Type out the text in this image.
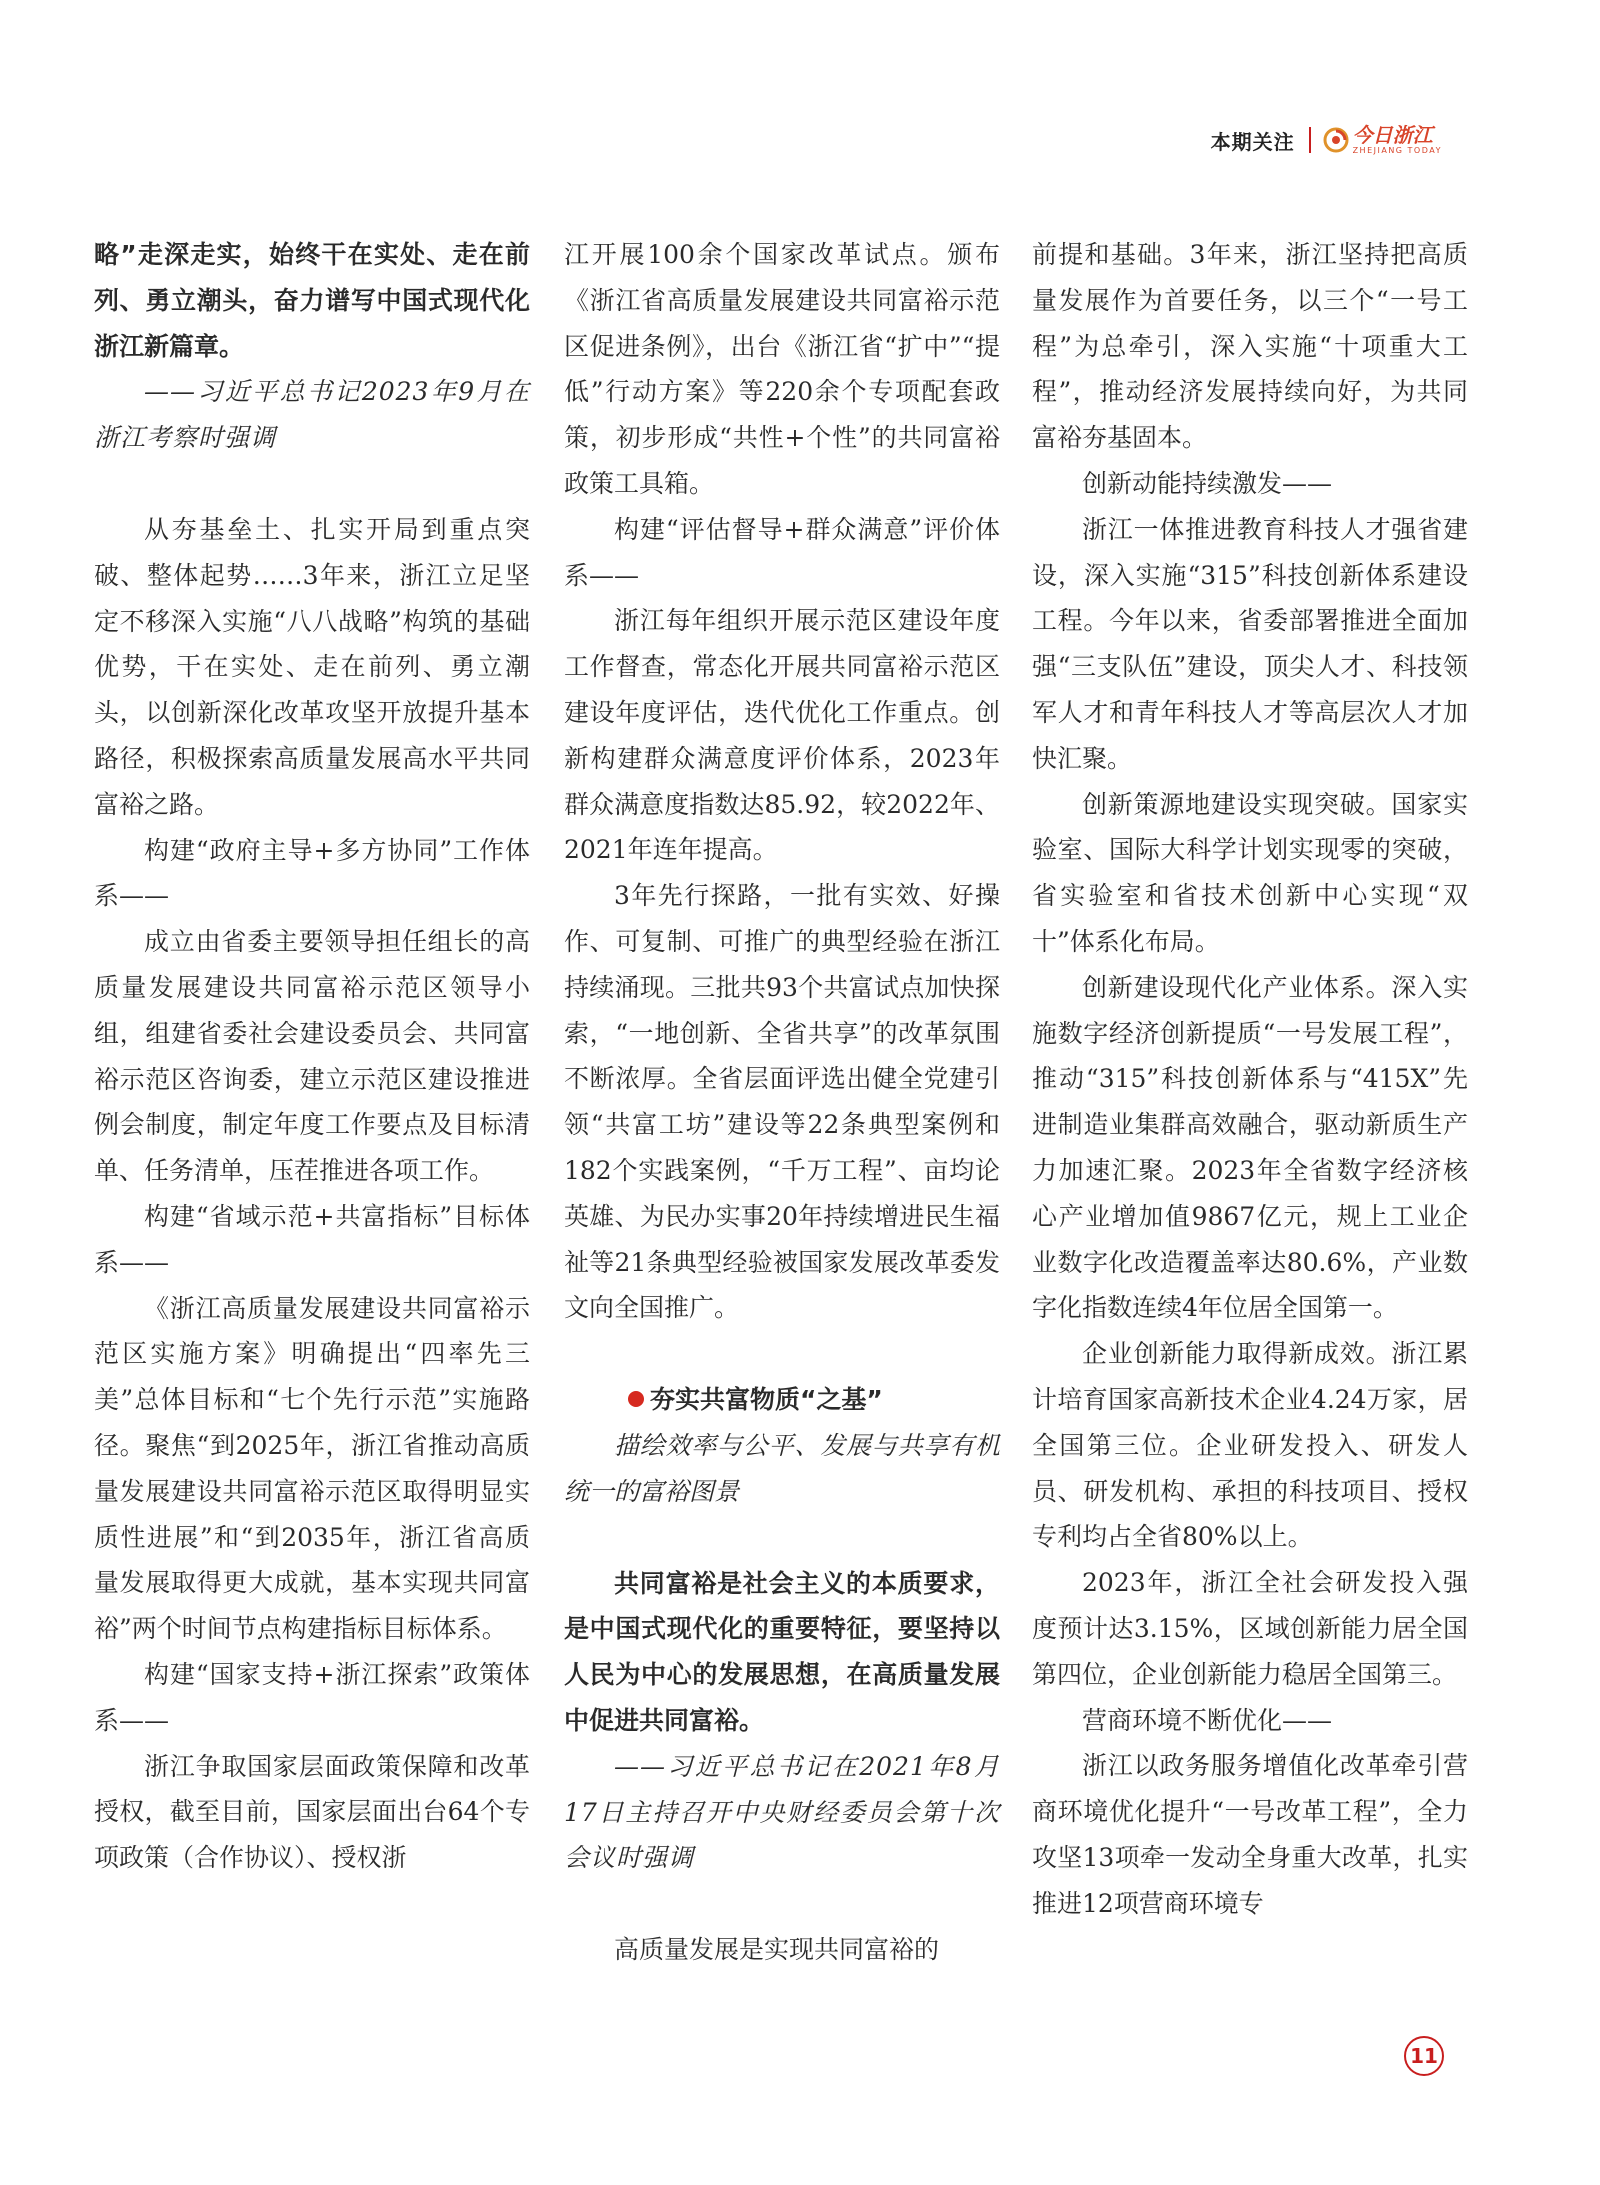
本期关注	今日浙江
ZHEJIANG TODAY

略”走深走实，始终干在实处、走在前列、勇立潮头，奋力谱写中国式现代化浙江新篇章。

——习近平总书记2023年9月在浙江考察时强调

从夯基垒土、扎实开局到重点突破、整体起势……3年来，浙江立足坚定不移深入实施“八八战略”构筑的基础优势，干在实处、走在前列、勇立潮头，以创新深化改革攻坚开放提升基本路径，积极探索高质量发展高水平共同富裕之路。

构建“政府主导+多方协同”工作体系——

成立由省委主要领导担任组长的高质量发展建设共同富裕示范区领导小组，组建省委社会建设委员会、共同富裕示范区咨询委，建立示范区建设推进例会制度，制定年度工作要点及目标清单、任务清单，压茬推进各项工作。

构建“省域示范+共富指标”目标体系——

《浙江高质量发展建设共同富裕示范区实施方案》明确提出“四率先三美”总体目标和“七个先行示范”实施路径。聚焦“到2025年，浙江省推动高质量发展建设共同富裕示范区取得明显实质性进展”和“到2035年，浙江省高质量发展取得更大成就，基本实现共同富裕”两个时间节点构建指标目标体系。

构建“国家支持+浙江探索”政策体系——

浙江争取国家层面政策保障和改革授权，截至目前，国家层面出台64个专项政策（合作协议）、授权浙

江开展100余个国家改革试点。颁布《浙江省高质量发展建设共同富裕示范区促进条例》，出台《浙江省“扩中”“提低”行动方案》等220余个专项配套政策，初步形成“共性+个性”的共同富裕政策工具箱。

构建“评估督导+群众满意”评价体系——

浙江每年组织开展示范区建设年度工作督查，常态化开展共同富裕示范区建设年度评估，迭代优化工作重点。创新构建群众满意度评价体系，2023年群众满意度指数达85.92，较2022年、2021年连年提高。

3年先行探路，一批有实效、好操作、可复制、可推广的典型经验在浙江持续涌现。三批共93个共富试点加快探索，“一地创新、全省共享”的改革氛围不断浓厚。全省层面评选出健全党建引领“共富工坊”建设等22条典型案例和182个实践案例，“千万工程”、亩均论英雄、为民办实事20年持续增进民生福祉等21条典型经验被国家发展改革委发文向全国推广。

夯实共富物质“之基”

描绘效率与公平、发展与共享有机统一的富裕图景

共同富裕是社会主义的本质要求，是中国式现代化的重要特征，要坚持以人民为中心的发展思想，在高质量发展中促进共同富裕。

——习近平总书记在2021年8月17日主持召开中央财经委员会第十次会议时强调

高质量发展是实现共同富裕的

前提和基础。3年来，浙江坚持把高质量发展作为首要任务，以三个“一号工程”为总牵引，深入实施“十项重大工程”，推动经济发展持续向好，为共同富裕夯基固本。

创新动能持续激发——

浙江一体推进教育科技人才强省建设，深入实施“315”科技创新体系建设工程。今年以来，省委部署推进全面加强“三支队伍”建设，顶尖人才、科技领军人才和青年科技人才等高层次人才加快汇聚。

创新策源地建设实现突破。国家实验室、国际大科学计划实现零的突破，省实验室和省技术创新中心实现“双十”体系化布局。

创新建设现代化产业体系。深入实施数字经济创新提质“一号发展工程”，推动“315”科技创新体系与“415X”先进制造业集群高效融合，驱动新质生产力加速汇聚。2023年全省数字经济核心产业增加值9867亿元，规上工业企业数字化改造覆盖率达80.6%，产业数字化指数连续4年位居全国第一。

企业创新能力取得新成效。浙江累计培育国家高新技术企业4.24万家，居全国第三位。企业研发投入、研发人员、研发机构、承担的科技项目、授权专利均占全省80%以上。

2023年，浙江全社会研发投入强度预计达3.15%，区域创新能力居全国第四位，企业创新能力稳居全国第三。

营商环境不断优化——

浙江以政务服务增值化改革牵引营商环境优化提升“一号改革工程”，全力攻坚13项牵一发动全身重大改革，扎实推进12项营商环境专

11
